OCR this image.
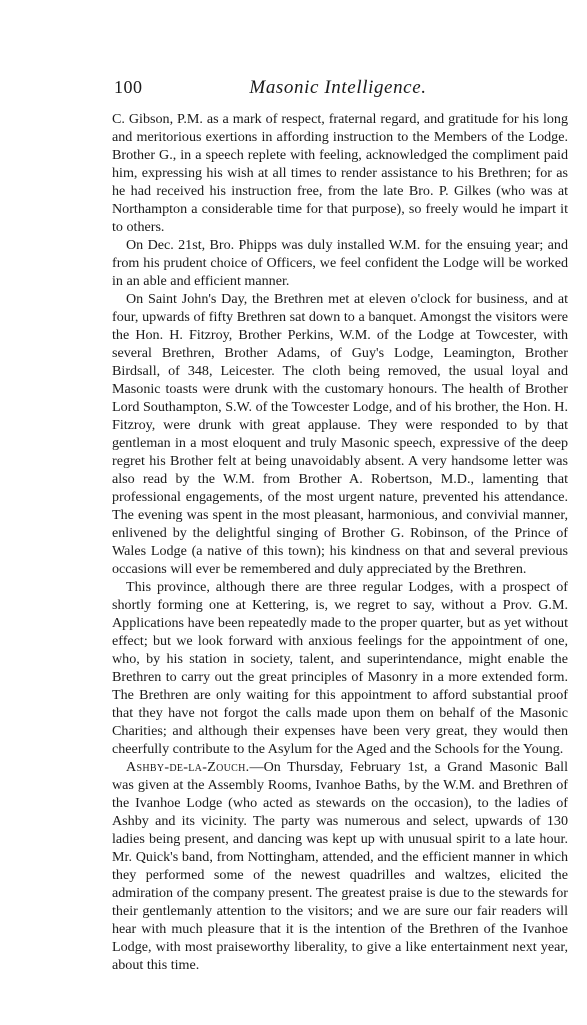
100	Masonic Intelligence.

C. Gibson, P.M. as a mark of respect, fraternal regard, and gratitude for his long and meritorious exertions in affording instruction to the Members of the Lodge. Brother G., in a speech replete with feeling, acknowledged the compliment paid him, expressing his wish at all times to render assistance to his Brethren; for as he had received his instruction free, from the late Bro. P. Gilkes (who was at Northampton a considerable time for that purpose), so freely would he impart it to others.

On Dec. 21st, Bro. Phipps was duly installed W.M. for the ensuing year; and from his prudent choice of Officers, we feel confident the Lodge will be worked in an able and efficient manner.

On Saint John's Day, the Brethren met at eleven o'clock for business, and at four, upwards of fifty Brethren sat down to a banquet. Amongst the visitors were the Hon. H. Fitzroy, Brother Perkins, W.M. of the Lodge at Towcester, with several Brethren, Brother Adams, of Guy's Lodge, Leamington, Brother Birdsall, of 348, Leicester. The cloth being removed, the usual loyal and Masonic toasts were drunk with the customary honours. The health of Brother Lord Southampton, S.W. of the Towcester Lodge, and of his brother, the Hon. H. Fitzroy, were drunk with great applause. They were responded to by that gentleman in a most eloquent and truly Masonic speech, expressive of the deep regret his Brother felt at being unavoidably absent. A very handsome letter was also read by the W.M. from Brother A. Robertson, M.D., lamenting that professional engagements, of the most urgent nature, prevented his attendance. The evening was spent in the most pleasant, harmonious, and convivial manner, enlivened by the delightful singing of Brother G. Robinson, of the Prince of Wales Lodge (a native of this town); his kindness on that and several previous occasions will ever be remembered and duly appreciated by the Brethren.

This province, although there are three regular Lodges, with a prospect of shortly forming one at Kettering, is, we regret to say, without a Prov. G.M. Applications have been repeatedly made to the proper quarter, but as yet without effect; but we look forward with anxious feelings for the appointment of one, who, by his station in society, talent, and superintendance, might enable the Brethren to carry out the great principles of Masonry in a more extended form. The Brethren are only waiting for this appointment to afford substantial proof that they have not forgot the calls made upon them on behalf of the Masonic Charities; and although their expenses have been very great, they would then cheerfully contribute to the Asylum for the Aged and the Schools for the Young.

Ashby-de-la-Zouch.—On Thursday, February 1st, a Grand Masonic Ball was given at the Assembly Rooms, Ivanhoe Baths, by the W.M. and Brethren of the Ivanhoe Lodge (who acted as stewards on the occasion), to the ladies of Ashby and its vicinity. The party was numerous and select, upwards of 130 ladies being present, and dancing was kept up with unusual spirit to a late hour. Mr. Quick's band, from Nottingham, attended, and the efficient manner in which they performed some of the newest quadrilles and waltzes, elicited the admiration of the company present. The greatest praise is due to the stewards for their gentlemanly attention to the visitors; and we are sure our fair readers will hear with much pleasure that it is the intention of the Brethren of the Ivanhoe Lodge, with most praiseworthy liberality, to give a like entertainment next year, about this time.
